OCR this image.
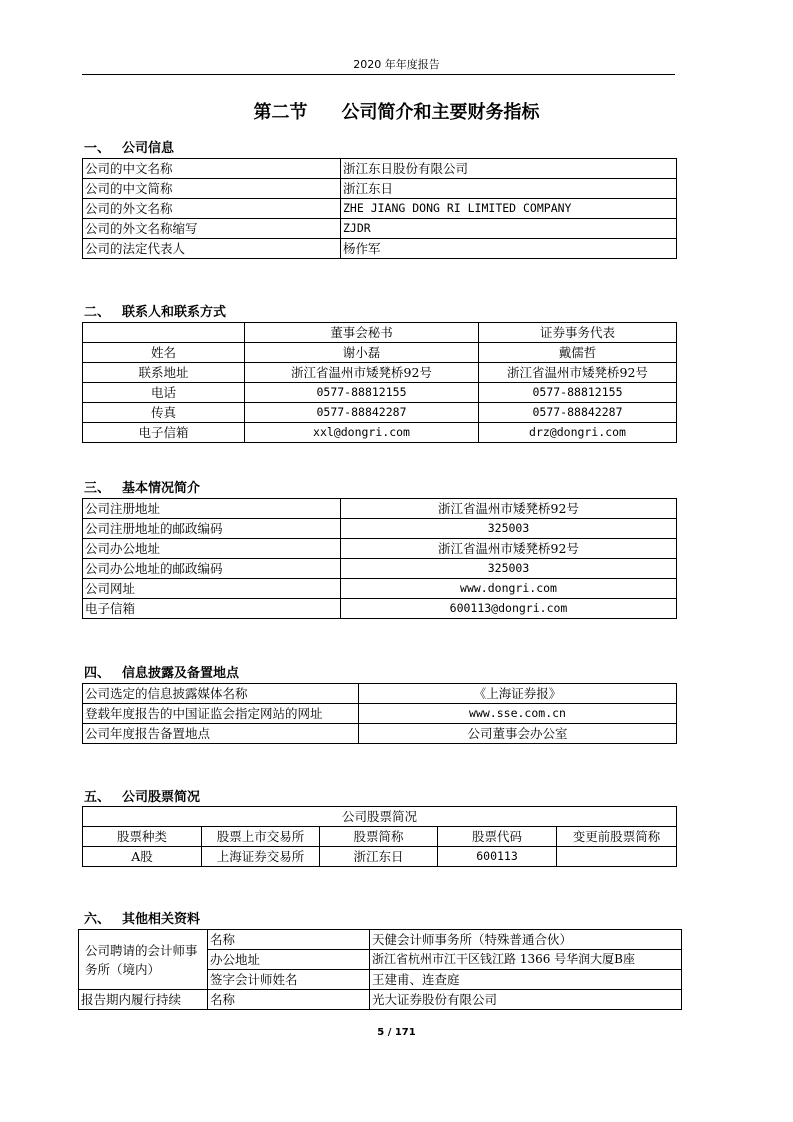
2020 年年度报告
第二节 公司简介和主要财务指标
一、 公司信息
公司的中文名称	浙江东日股份有限公司
公司的中文简称	浙江东日
公司的外文名称	ZHE JIANG DONG RI LIMITED COMPANY
公司的外文名称缩写	ZJDR
公司的法定代表人	杨作军
二、 联系人和联系方式
	董事会秘书	证券事务代表
姓名	谢小磊	戴儒哲
联系地址	浙江省温州市矮凳桥92号	浙江省温州市矮凳桥92号
电话	0577-88812155	0577-88812155
传真	0577-88842287	0577-88842287
电子信箱	xxl@dongri.com	drz@dongri.com
三、 基本情况简介
公司注册地址	浙江省温州市矮凳桥92号
公司注册地址的邮政编码	325003
公司办公地址	浙江省温州市矮凳桥92号
公司办公地址的邮政编码	325003
公司网址	www.dongri.com
电子信箱	600113@dongri.com
四、 信息披露及备置地点
公司选定的信息披露媒体名称	《上海证券报》
登载年度报告的中国证监会指定网站的网址	www.sse.com.cn
公司年度报告备置地点	公司董事会办公室
五、 公司股票简况
公司股票简况				
股票种类	股票上市交易所	股票简称	股票代码	变更前股票简称
A股	上海证券交易所	浙江东日	600113	
六、 其他相关资料
公司聘请的会计师事务所（境内）	名称	天健会计师事务所（特殊普通合伙）
	办公地址	浙江省杭州市江干区钱江路 1366 号华润大厦B座
	签字会计师姓名	王建甫、连查庭
报告期内履行持续	名称	光大证券股份有限公司
5 / 171
